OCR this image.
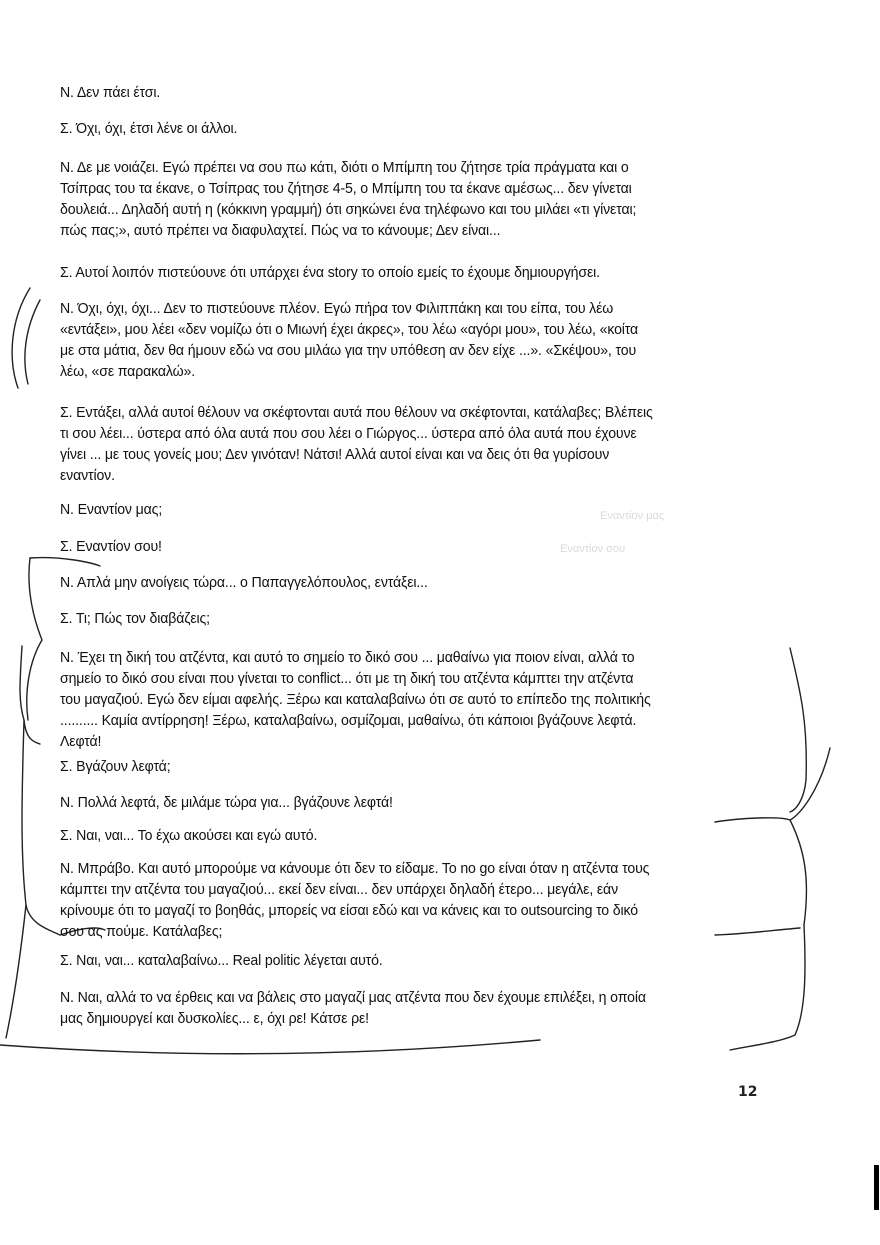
Εναντίον μας
Εναντίον σου
Ν. Δεν πάει έτσι.
Σ. Όχι, όχι, έτσι λένε οι άλλοι.
Ν. Δε με νοιάζει. Εγώ πρέπει να σου πω κάτι, διότι ο Μπίμπη του ζήτησε τρία πράγματα και ο
Τσίπρας του τα έκανε, ο Τσίπρας του ζήτησε 4-5, ο Μπίμπη του τα έκανε αμέσως... δεν γίνεται
δουλειά... Δηλαδή αυτή η (κόκκινη γραμμή) ότι σηκώνει ένα τηλέφωνο και του μιλάει «τι γίνεται;
πώς πας;», αυτό πρέπει να διαφυλαχτεί. Πώς να το κάνουμε; Δεν είναι...
Σ. Αυτοί λοιπόν πιστεύουνε ότι υπάρχει ένα story το οποίο εμείς το έχουμε δημιουργήσει.
Ν. Όχι, όχι, όχι... Δεν το πιστεύουνε πλέον. Εγώ πήρα τον Φιλιππάκη και του είπα, του λέω
«εντάξει», μου λέει «δεν νομίζω ότι ο Μιωνή έχει άκρες», του λέω «αγόρι μου», του λέω, «κοίτα
με στα μάτια, δεν θα ήμουν εδώ να σου μιλάω για την υπόθεση αν δεν είχε ...». «Σκέψου», του
λέω, «σε παρακαλώ».
Σ. Εντάξει, αλλά αυτοί θέλουν να σκέφτονται αυτά που θέλουν να σκέφτονται, κατάλαβες; Βλέπεις
τι σου λέει... ύστερα από όλα αυτά που σου λέει ο Γιώργος... ύστερα από όλα αυτά που έχουνε
γίνει ... με τους γονείς μου; Δεν γινόταν! Νάτσι! Αλλά αυτοί είναι και να δεις ότι θα γυρίσουν
εναντίον.
Ν. Εναντίον μας;
Σ. Εναντίον σου!
Ν. Απλά μην ανοίγεις τώρα... ο Παπαγγελόπουλος, εντάξει...
Σ. Τι; Πώς τον διαβάζεις;
Ν. Έχει τη δική του ατζέντα, και αυτό το σημείο το δικό σου ... μαθαίνω για ποιον είναι, αλλά το
σημείο το δικό σου είναι που γίνεται το conflict... ότι με τη δική του ατζέντα κάμπτει την ατζέντα
του μαγαζιού. Εγώ δεν είμαι αφελής. Ξέρω και καταλαβαίνω ότι σε αυτό το επίπεδο της πολιτικής
.......... Καμία αντίρρηση! Ξέρω, καταλαβαίνω, οσμίζομαι, μαθαίνω, ότι κάποιοι βγάζουνε λεφτά.
Λεφτά!
Σ. Βγάζουν λεφτά;
Ν. Πολλά λεφτά, δε μιλάμε τώρα για... βγάζουνε λεφτά!
Σ. Ναι, ναι... Το έχω ακούσει και εγώ αυτό.
Ν. Μπράβο. Και αυτό μπορούμε να κάνουμε ότι δεν το είδαμε. Το no go είναι όταν η ατζέντα τους
κάμπτει την ατζέντα του μαγαζιού... εκεί δεν είναι... δεν υπάρχει δηλαδή έτερο... μεγάλε, εάν
κρίνουμε ότι το μαγαζί το βοηθάς, μπορείς να είσαι εδώ και να κάνεις και το outsourcing το δικό
σου ας πούμε. Κατάλαβες;
Σ. Ναι, ναι... καταλαβαίνω... Real politic λέγεται αυτό.
Ν. Ναι, αλλά το να έρθεις και να βάλεις στο μαγαζί μας ατζέντα που δεν έχουμε επιλέξει, η οποία
μας δημιουργεί και δυσκολίες... ε, όχι ρε! Κάτσε ρε!
12
